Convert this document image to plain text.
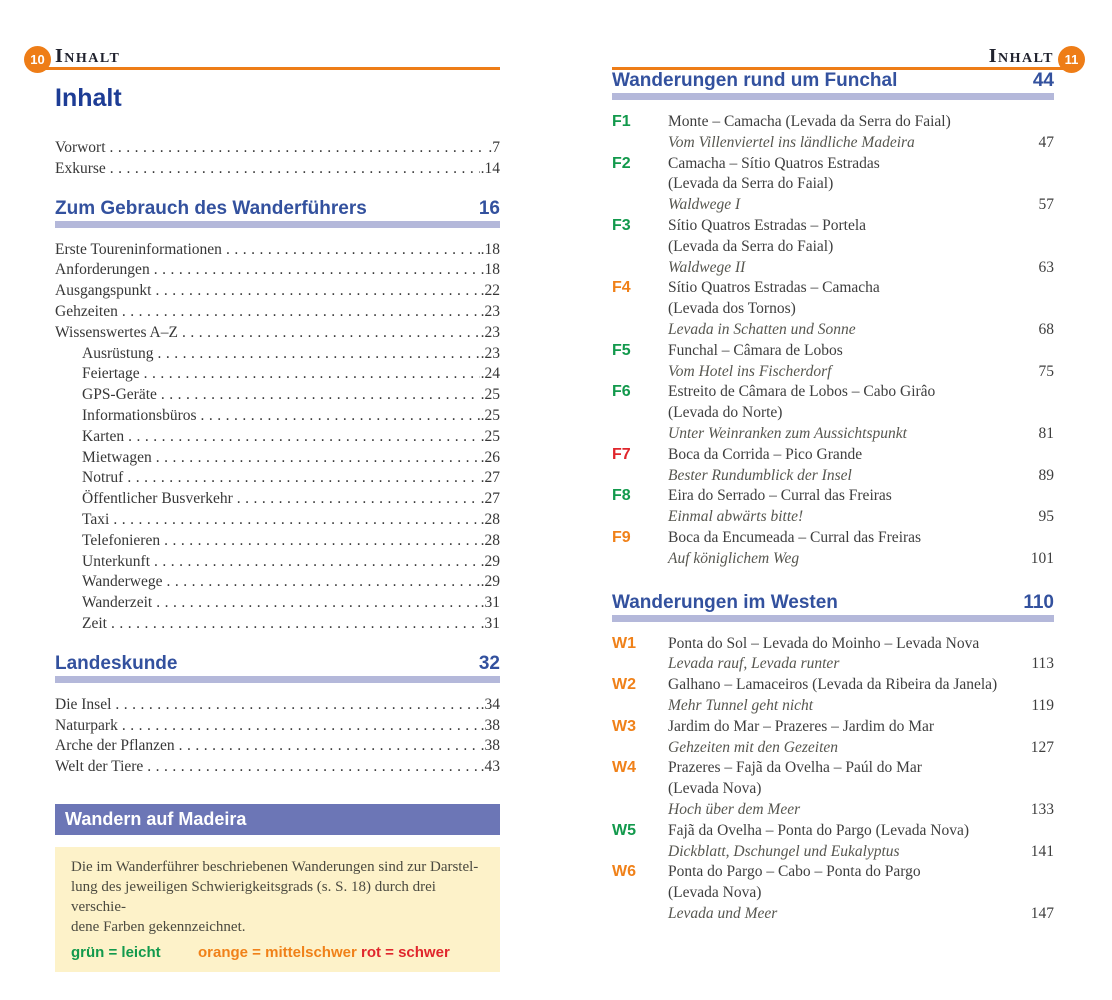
10 Inhalt
Inhalt
Vorwort .....	. 7
Exkurse .....	. 14
Zum Gebrauch des Wanderführers	16
Erste Toureninformationen .....	. 18
Anforderungen .....	. 18
Ausgangspunkt .....	. 22
Gehzeiten .....	. 23
Wissenswertes A–Z .....	. 23
Ausrüstung .....	. 23
Feiertage .....	. 24
GPS-Geräte .....	. 25
Informationsbüros .....	. 25
Karten .....	. 25
Mietwagen .....	. 26
Notruf .....	. 27
Öffentlicher Busverkehr .....	. 27
Taxi .....	. 28
Telefonieren .....	. 28
Unterkunft .....	. 29
Wanderwege .....	. 29
Wanderzeit .....	. 31
Zeit .....	. 31
Landeskunde	32
Die Insel .....	. 34
Naturpark .....	. 38
Arche der Pflanzen .....	. 38
Welt der Tiere .....	. 43
Wandern auf Madeira
Die im Wanderführer beschriebenen Wanderungen sind zur Darstel-
lung des jeweiligen Schwierigkeitsgrads (s. S. 18) durch drei verschie-
dene Farben gekennzeichnet.
grün = leicht	orange = mittelschwer rot = schwer
Inhalt 11
Wanderungen rund um Funchal	44
F1	Monte – Camacha (Levada da Serra do Faial)
Vom Villenviertel ins ländliche Madeira	47
F2	Camacha – Sítio Quatros Estradas
(Levada da Serra do Faial)
Waldwege I	57
F3	Sítio Quatros Estradas – Portela
(Levada da Serra do Faial)
Waldwege II	63
F4	Sítio Quatros Estradas – Camacha
(Levada dos Tornos)
Levada in Schatten und Sonne	68
F5	Funchal – Câmara de Lobos
Vom Hotel ins Fischerdorf	75
F6	Estreito de Câmara de Lobos – Cabo Girâo
(Levada do Norte)
Unter Weinranken zum Aussichtspunkt	81
F7	Boca da Corrida – Pico Grande
Bester Rundumblick der Insel	89
F8	Eira do Serrado – Curral das Freiras
Einmal abwärts bitte!	95
F9	Boca da Encumeada – Curral das Freiras
Auf königlichem Weg	101
Wanderungen im Westen	110
W1	Ponta do Sol – Levada do Moinho – Levada Nova
Levada rauf, Levada runter	113
W2	Galhano – Lamaceiros (Levada da Ribeira da Janela)
Mehr Tunnel geht nicht	119
W3	Jardim do Mar – Prazeres – Jardim do Mar
Gehzeiten mit den Gezeiten	127
W4	Prazeres – Fajã da Ovelha – Paúl do Mar
(Levada Nova)
Hoch über dem Meer	133
W5	Fajã da Ovelha – Ponta do Pargo (Levada Nova)
Dickblatt, Dschungel und Eukalyptus	141
W6	Ponta do Pargo – Cabo – Ponta do Pargo
(Levada Nova)
Levada und Meer	147
